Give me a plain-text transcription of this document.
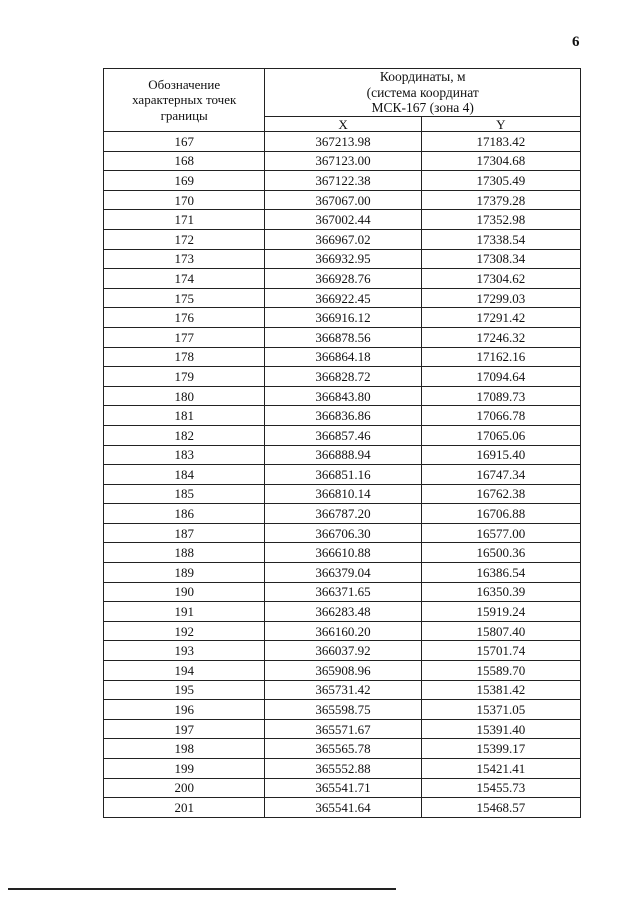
6
Обозначение
характерных точек
границы	Координаты, м
(система координат
МСК-167 (зона 4)	

	X	Y
167	367213.98	17183.42
168	367123.00	17304.68
169	367122.38	17305.49
170	367067.00	17379.28
171	367002.44	17352.98
172	366967.02	17338.54
173	366932.95	17308.34
174	366928.76	17304.62
175	366922.45	17299.03
176	366916.12	17291.42
177	366878.56	17246.32
178	366864.18	17162.16
179	366828.72	17094.64
180	366843.80	17089.73
181	366836.86	17066.78
182	366857.46	17065.06
183	366888.94	16915.40
184	366851.16	16747.34
185	366810.14	16762.38
186	366787.20	16706.88
187	366706.30	16577.00
188	366610.88	16500.36
189	366379.04	16386.54
190	366371.65	16350.39
191	366283.48	15919.24
192	366160.20	15807.40
193	366037.92	15701.74
194	365908.96	15589.70
195	365731.42	15381.42
196	365598.75	15371.05
197	365571.67	15391.40
198	365565.78	15399.17
199	365552.88	15421.41
200	365541.71	15455.73
201	365541.64	15468.57
